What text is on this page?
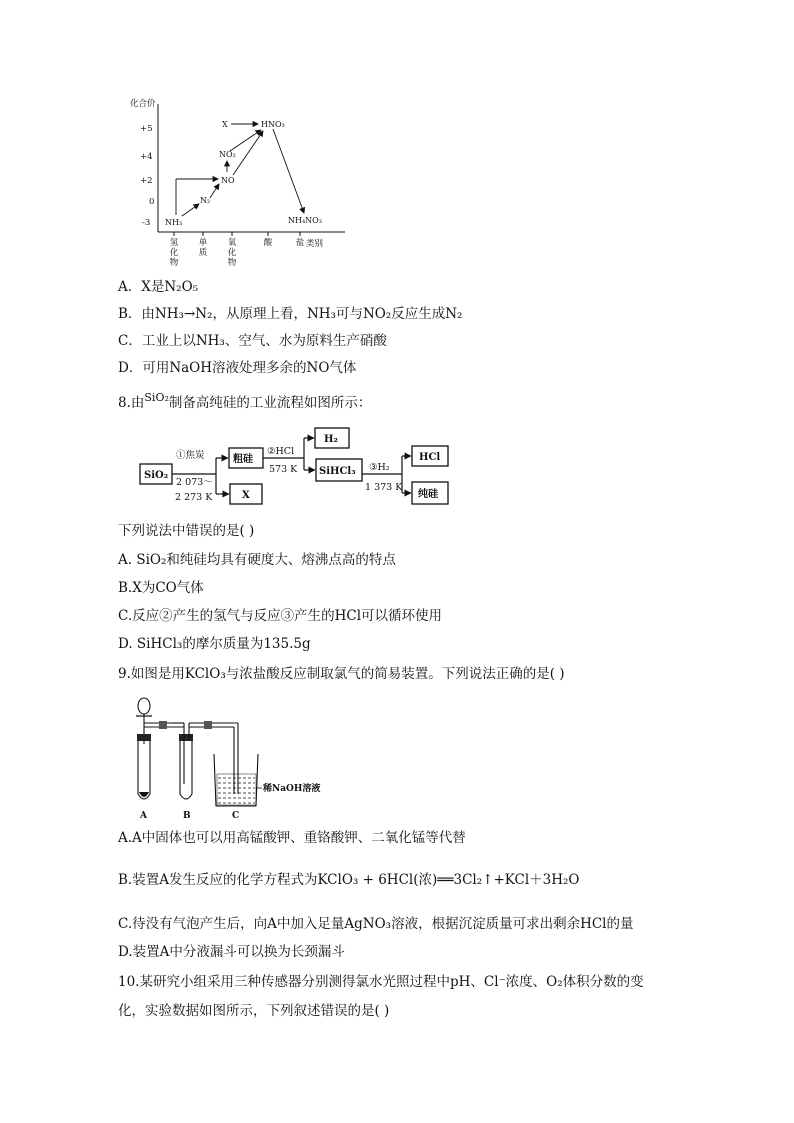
化合价
+5
+4
+2
0
-3
氢化物
单质
氧化物
酸	盐 类别
X	HNO₃
NO₂
NO
N₂
NH₃	NH₄NO₃
A．X是N₂O₅
B．由NH₃→N₂，从原理上看，NH₃可与NO₂反应生成N₂
C．工业上以NH₃、空气、水为原料生产硝酸
D．可用NaOH溶液处理多余的NO气体
8.由$^{SiO_2}$制备高纯硅的工业流程如图所示：
SiO₂
粗硅
X
H₂
SiHCl₃
HCl
纯硅
①焦炭
2 073～
2 273 K
②HCl
573 K	③H₂
1 373 K
下列说法中错误的是( )
A. SiO₂和纯硅均具有硬度大、熔沸点高的特点
B.X为CO气体
C.反应②产生的氢气与反应③产生的HCl可以循环使用
D. SiHCl₃的摩尔质量为135.5g
9.如图是用KClO₃与浓盐酸反应制取氯气的简易装置。下列说法正确的是( )
稀NaOH溶液
A	B	C
A.A中固体也可以用高锰酸钾、重铬酸钾、二氧化锰等代替
B.装置A发生反应的化学方程式为KClO₃ + 6HCl(浓)══3Cl₂↑+KCl＋3H₂O
C.待没有气泡产生后，向A中加入足量AgNO₃溶液，根据沉淀质量可求出剩余HCl的量
D.装置A中分液漏斗可以换为长颈漏斗
10.某研究小组采用三种传感器分别测得氯水光照过程中pH、Cl⁻浓度、O₂体积分数的变
化，实验数据如图所示，下列叙述错误的是( )
